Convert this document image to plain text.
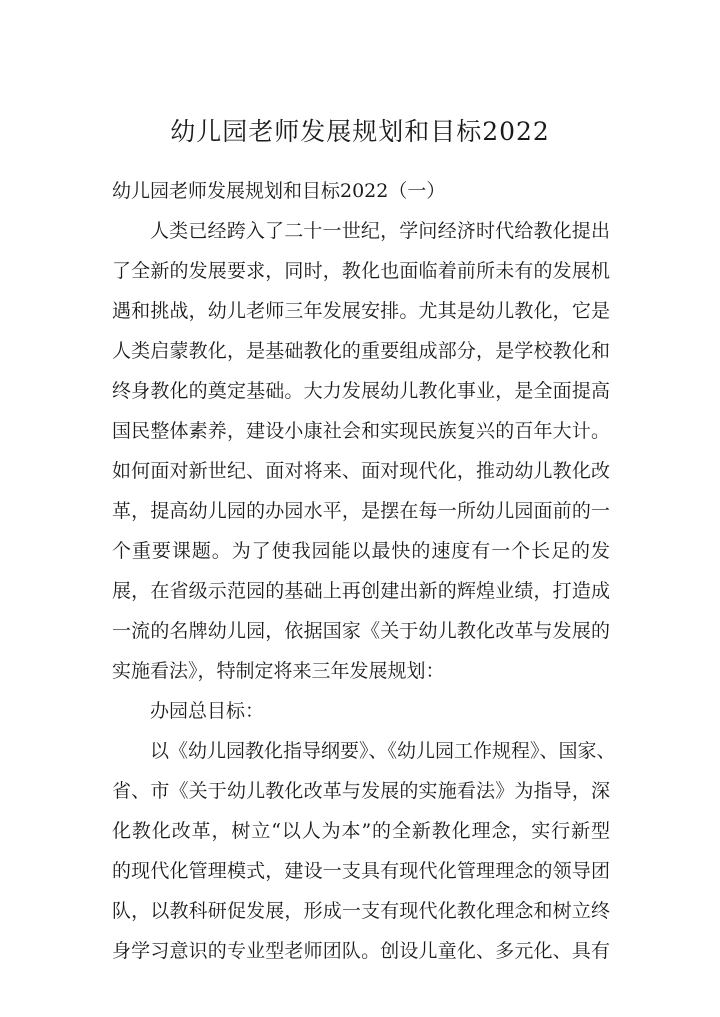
幼儿园老师发展规划和目标2022

幼儿园老师发展规划和目标2022（一）

人类已经跨入了二十一世纪，学问经济时代给教化提出

了全新的发展要求，同时，教化也面临着前所未有的发展机

遇和挑战，幼儿老师三年发展安排。尤其是幼儿教化，它是

人类启蒙教化，是基础教化的重要组成部分，是学校教化和

终身教化的奠定基础。大力发展幼儿教化事业，是全面提高

国民整体素养，建设小康社会和实现民族复兴的百年大计。

如何面对新世纪、面对将来、面对现代化，推动幼儿教化改

革，提高幼儿园的办园水平，是摆在每一所幼儿园面前的一

个重要课题。为了使我园能以最快的速度有一个长足的发

展，在省级示范园的基础上再创建出新的辉煌业绩，打造成

一流的名牌幼儿园，依据国家《关于幼儿教化改革与发展的

实施看法》，特制定将来三年发展规划：

办园总目标：

以《幼儿园教化指导纲要》、《幼儿园工作规程》、国家、

省、市《关于幼儿教化改革与发展的实施看法》为指导，深

化教化改革，树立“以人为本”的全新教化理念，实行新型

的现代化管理模式，建设一支具有现代化管理理念的领导团

队，以教科研促发展，形成一支有现代化教化理念和树立终

身学习意识的专业型老师团队。创设儿童化、多元化、具有
